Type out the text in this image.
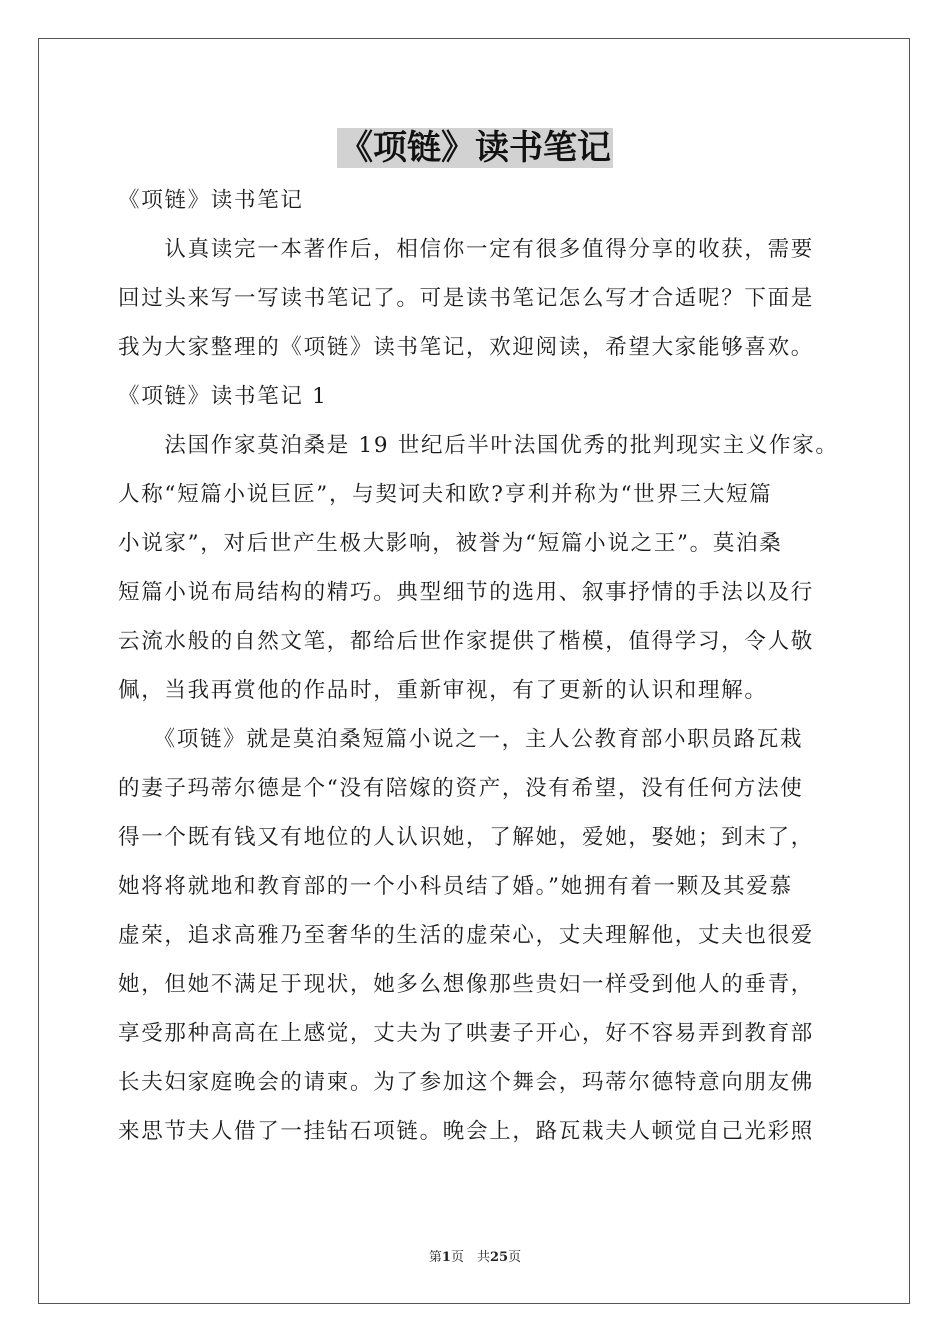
《项链》读书笔记

《项链》读书笔记

　　认真读完一本著作后，相信你一定有很多值得分享的收获，需要

回过头来写一写读书笔记了。可是读书笔记怎么写才合适呢？下面是

我为大家整理的《项链》读书笔记，欢迎阅读，希望大家能够喜欢。

《项链》读书笔记 1

　　法国作家莫泊桑是 19 世纪后半叶法国优秀的批判现实主义作家。

人称“短篇小说巨匠”，与契诃夫和欧?亨利并称为“世界三大短篇

小说家”，对后世产生极大影响，被誉为“短篇小说之王”。莫泊桑

短篇小说布局结构的精巧。典型细节的选用、叙事抒情的手法以及行

云流水般的自然文笔，都给后世作家提供了楷模，值得学习，令人敬

佩，当我再赏他的作品时，重新审视，有了更新的认识和理解。

　　《项链》就是莫泊桑短篇小说之一，主人公教育部小职员路瓦栽

的妻子玛蒂尔德是个“没有陪嫁的资产，没有希望，没有任何方法使

得一个既有钱又有地位的人认识她，了解她，爱她，娶她；到末了，

她将将就地和教育部的一个小科员结了婚。”她拥有着一颗及其爱慕

虚荣，追求高雅乃至奢华的生活的虚荣心，丈夫理解他，丈夫也很爱

她，但她不满足于现状，她多么想像那些贵妇一样受到他人的垂青，

享受那种高高在上感觉，丈夫为了哄妻子开心，好不容易弄到教育部

长夫妇家庭晚会的请柬。为了参加这个舞会，玛蒂尔德特意向朋友佛

来思节夫人借了一挂钻石项链。晚会上，路瓦栽夫人顿觉自己光彩照

第1页　共25页
